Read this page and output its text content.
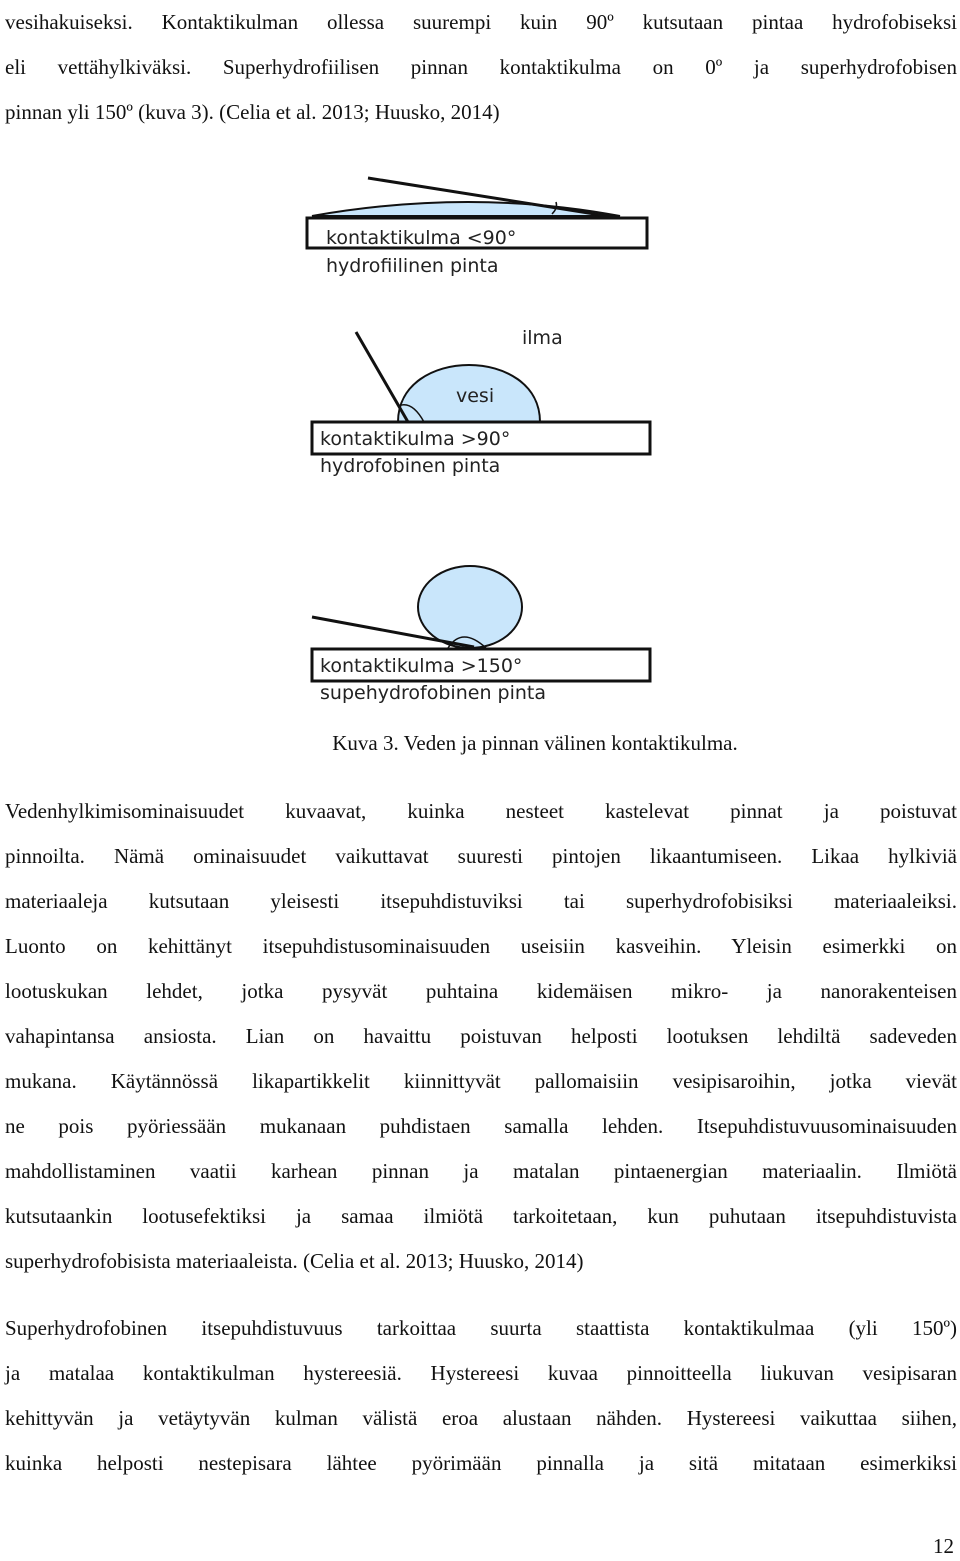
vesihakuiseksi. Kontaktikulman ollessa suurempi kuin 90º kutsutaan pintaa hydrofobiseksi
eli vettähylkiväksi. Superhydrofiilisen pinnan kontaktikulma on 0º ja superhydrofobisen
pinnan yli 150º (kuva 3). (Celia et al. 2013; Huusko, 2014)
kontaktikulma <90°
hydrofiilinen pinta
ilma
vesi
kontaktikulma >90°
hydrofobinen pinta
kontaktikulma >150°
supehydrofobinen pinta
Kuva 3. Veden ja pinnan välinen kontaktikulma.
Vedenhylkimisominaisuudet kuvaavat, kuinka nesteet kastelevat pinnat ja poistuvat
pinnoilta. Nämä ominaisuudet vaikuttavat suuresti pintojen likaantumiseen. Likaa hylkiviä
materiaaleja kutsutaan yleisesti itsepuhdistuviksi tai superhydrofobisiksi materiaaleiksi.
Luonto on kehittänyt itsepuhdistusominaisuuden useisiin kasveihin. Yleisin esimerkki on
lootuskukan lehdet, jotka pysyvät puhtaina kidemäisen mikro- ja nanorakenteisen
vahapintansa ansiosta. Lian on havaittu poistuvan helposti lootuksen lehdiltä sadeveden
mukana. Käytännössä likapartikkelit kiinnittyvät pallomaisiin vesipisaroihin, jotka vievät
ne pois pyöriessään mukanaan puhdistaen samalla lehden. Itsepuhdistuvuusominaisuuden
mahdollistaminen vaatii karhean pinnan ja matalan pintaenergian materiaalin. Ilmiötä
kutsutaankin lootusefektiksi ja samaa ilmiötä tarkoitetaan, kun puhutaan itsepuhdistuvista
superhydrofobisista materiaaleista. (Celia et al. 2013; Huusko, 2014)
Superhydrofobinen itsepuhdistuvuus tarkoittaa suurta staattista kontaktikulmaa (yli 150º)
ja matalaa kontaktikulman hystereesiä. Hystereesi kuvaa pinnoitteella liukuvan vesipisaran
kehittyvän ja vetäytyvän kulman välistä eroa alustaan nähden. Hystereesi vaikuttaa siihen,
kuinka helposti nestepisara lähtee pyörimään pinnalla ja sitä mitataan esimerkiksi
12
